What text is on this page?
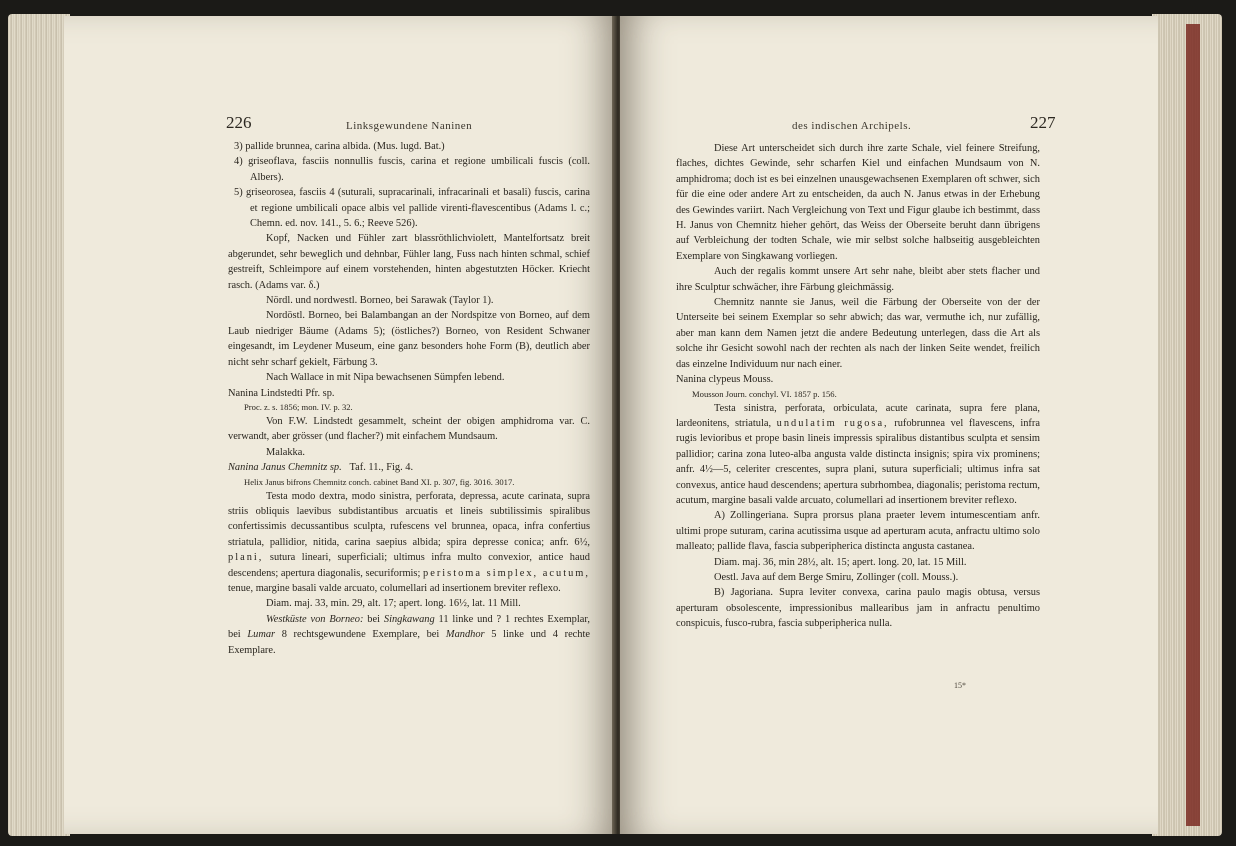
226	Linksgewundene Naninen

3) pallide brunnea, carina albida. (Mus. lugd. Bat.)

4) griseoflava, fasciis nonnullis fuscis, carina et regione umbilicali fuscis (coll. Albers).

5) griseorosea, fasciis 4 (suturali, supracarinali, infracarinali et basali) fuscis, carina et regione umbilicali opace albis vel pallide virenti-flavescentibus (Adams l. c.; Chemn. ed. nov. 141., 5. 6.; Reeve 526).

Kopf, Nacken und Fühler zart blassröthlichviolett, Mantelfortsatz breit abgerundet, sehr beweglich und dehnbar, Fühler lang, Fuss nach hinten schmal, schief gestreift, Schleimpore auf einem vorstehenden, hinten abgestutzten Höcker. Kriecht rasch. (Adams var. δ.)

Nördl. und nordwestl. Borneo, bei Sarawak (Taylor 1).

Nordöstl. Borneo, bei Balambangan an der Nordspitze von Borneo, auf dem Laub niedriger Bäume (Adams 5); (östliches?) Borneo, von Resident Schwaner eingesandt, im Leydener Museum, eine ganz besonders hohe Form (B), deutlich aber nicht sehr scharf gekielt, Färbung 3.

Nach Wallace in mit Nipa bewachsenen Sümpfen lebend.

Nanina Lindstedti Pfr. sp.

Proc. z. s. 1856; mon. IV. p. 32.

Von F.W. Lindstedt gesammelt, scheint der obigen amphidroma var. C. verwandt, aber grösser (und flacher?) mit einfachem Mundsaum.

Malakka.

Nanina Janus Chemnitz sp. Taf. 11., Fig. 4.

Helix Janus bifrons Chemnitz conch. cabinet Band XI. p. 307, fig. 3016. 3017.

Testa modo dextra, modo sinistra, perforata, depressa, acute carinata, supra striis obliquis laevibus subdistantibus arcuatis et lineis subtilissimis spiralibus confertissimis decussantibus sculpta, rufescens vel brunnea, opaca, infra confertius striatula, pallidior, nitida, carina saepius albida; spira depresse conica; anfr. 6½, plani, sutura lineari, superficiali; ultimus infra multo convexior, antice haud descendens; apertura diagonalis, securiformis; peristoma simplex, acutum, tenue, margine basali valde arcuato, columellari ad insertionem breviter reflexo.

Diam. maj. 33, min. 29, alt. 17; apert. long. 16½, lat. 11 Mill.

Westküste von Borneo: bei Singkawang 11 linke und ? 1 rechtes Exemplar, bei Lumar 8 rechtsgewundene Exemplare, bei Mandhor 5 linke und 4 rechte Exemplare.

des indischen Archipels.	227

Diese Art unterscheidet sich durch ihre zarte Schale, viel feinere Streifung, flaches, dichtes Gewinde, sehr scharfen Kiel und einfachen Mundsaum von N. amphidroma; doch ist es bei einzelnen unausgewachsenen Exemplaren oft schwer, sich für die eine oder andere Art zu entscheiden, da auch N. Janus etwas in der Erhebung des Gewindes variirt. Nach Vergleichung von Text und Figur glaube ich bestimmt, dass H. Janus von Chemnitz hieher gehört, das Weiss der Oberseite beruht dann übrigens auf Verbleichung der todten Schale, wie mir selbst solche halbseitig ausgebleichten Exemplare von Singkawang vorliegen.

Auch der regalis kommt unsere Art sehr nahe, bleibt aber stets flacher und ihre Sculptur schwächer, ihre Färbung gleichmässig.

Chemnitz nannte sie Janus, weil die Färbung der Oberseite von der der Unterseite bei seinem Exemplar so sehr abwich; das war, vermuthe ich, nur zufällig, aber man kann dem Namen jetzt die andere Bedeutung unterlegen, dass die Art als solche ihr Gesicht sowohl nach der rechten als nach der linken Seite wendet, freilich das einzelne Individuum nur nach einer.

Nanina clypeus Mouss.

Mousson Journ. conchyl. VI. 1857 p. 156.

Testa sinistra, perforata, orbiculata, acute carinata, supra fere plana, lardeonitens, striatula, undulatim rugosa, rufobrunnea vel flavescens, infra rugis levioribus et prope basin lineis impressis spiralibus distantibus sculpta et sensim pallidior; carina zona luteo-alba angusta valde distincta insignis; spira vix prominens; anfr. 4½—5, celeriter crescentes, supra plani, sutura superficiali; ultimus infra sat convexus, antice haud descendens; apertura subrhombea, diagonalis; peristoma rectum, acutum, margine basali valde arcuato, columellari ad insertionem breviter reflexo.

A) Zollingeriana. Supra prorsus plana praeter levem intumescentiam anfr. ultimi prope suturam, carina acutissima usque ad aperturam acuta, anfractu ultimo solo malleato; pallide flava, fascia subperipherica distincta angusta castanea.

Diam. maj. 36, min 28½, alt. 15; apert. long. 20, lat. 15 Mill.

Oestl. Java auf dem Berge Smiru, Zollinger (coll. Mouss.).

B) Jagoriana. Supra leviter convexa, carina paulo magis obtusa, versus aperturam obsolescente, impressionibus mallearibus jam in anfractu penultimo conspicuis, fusco-rubra, fascia subperipherica nulla.

15*
